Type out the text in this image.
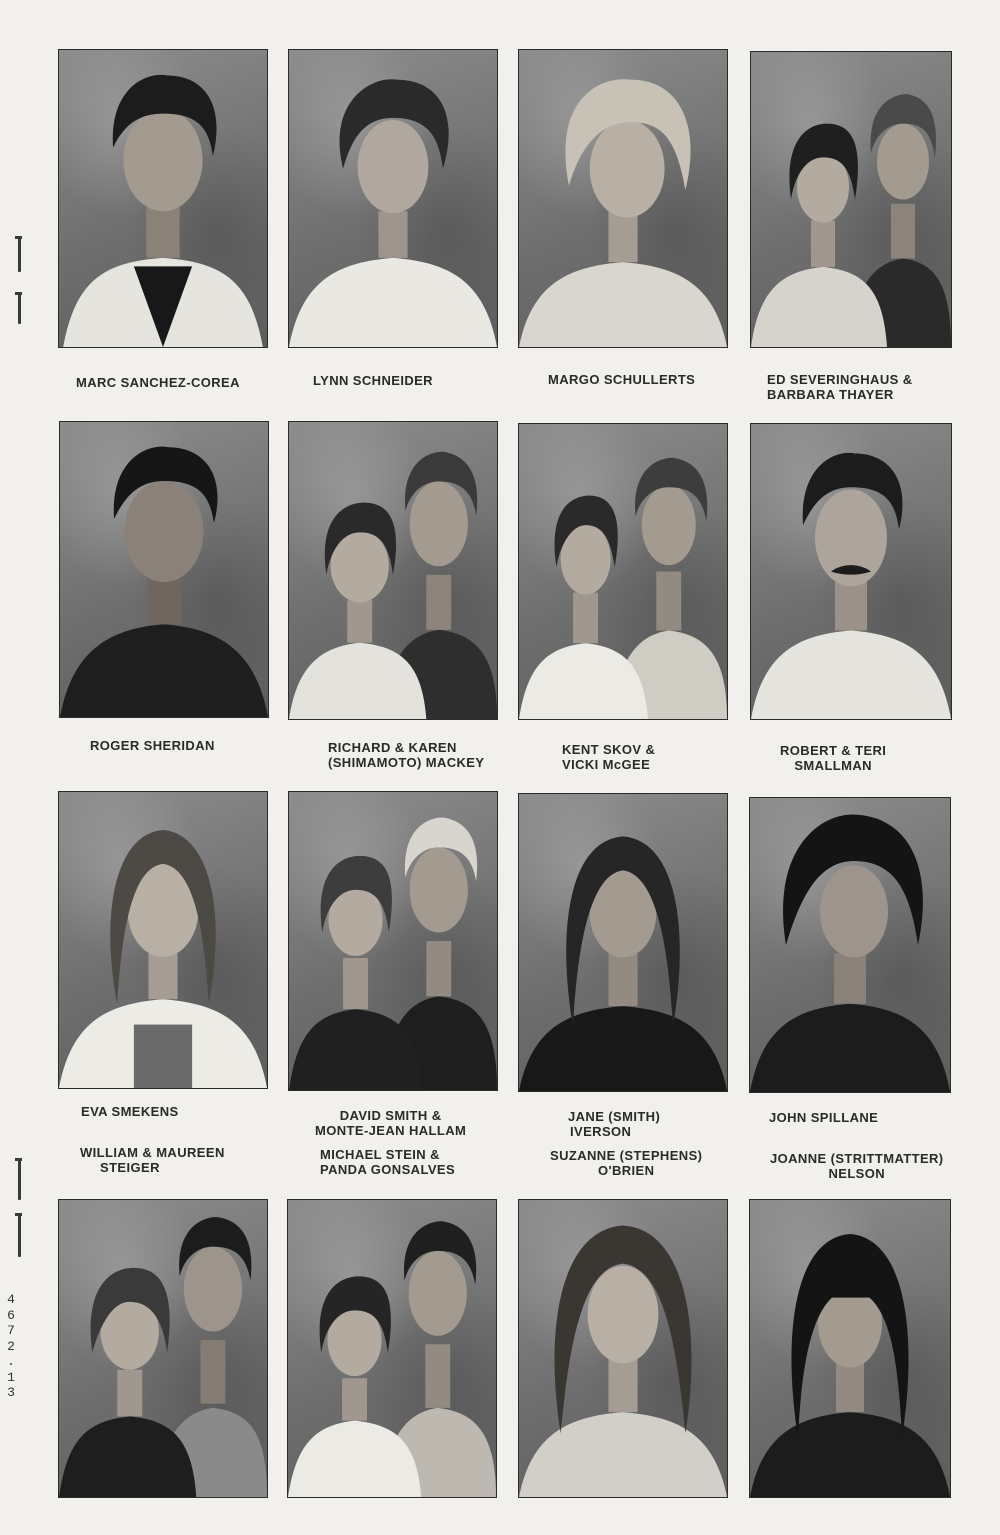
4
6
7
2
.
1
3
MARC SANCHEZ-COREA	LYNN SCHNEIDER	MARGO SCHULLERTS	ED SEVERINGHAUS &
BARBARA THAYER
ROGER SHERIDAN	RICHARD & KAREN
(SHIMAMOTO) MACKEY
KENT SKOV &
VICKI McGEE
ROBERT & TERI
SMALLMAN
EVA SMEKENS	DAVID SMITH &
MONTE-JEAN HALLAM
JANE (SMITH)
IVERSON
JOHN SPILLANE
WILLIAM & MAUREEN
STEIGER
MICHAEL STEIN &
PANDA GONSALVES
SUZANNE (STEPHENS)
O'BRIEN
JOANNE (STRITTMATTER)
NELSON
